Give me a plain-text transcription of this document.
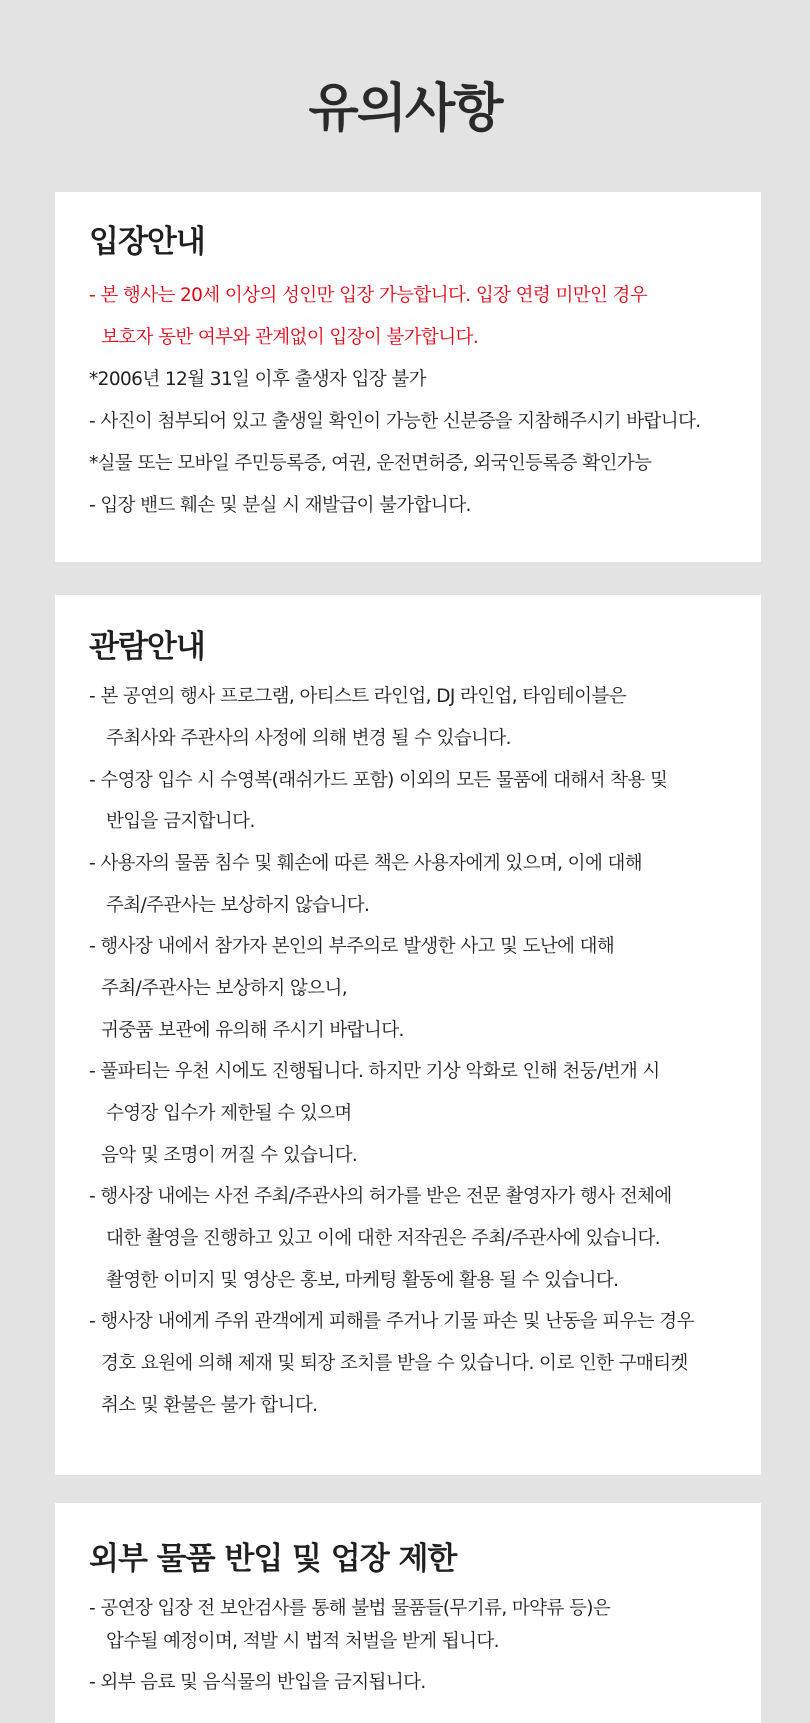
유의사항
입장안내

- 본 행사는 20세 이상의 성인만 입장 가능합니다. 입장 연령 미만인 경우

보호자 동반 여부와 관계없이 입장이 불가합니다.

*2006년 12월 31일 이후 출생자 입장 불가

- 사진이 첨부되어 있고 출생일 확인이 가능한 신분증을 지참해주시기 바랍니다.

*실물 또는 모바일 주민등록증, 여권, 운전면허증, 외국인등록증 확인가능

- 입장 밴드 훼손 및 분실 시 재발급이 불가합니다.

관람안내

- 본 공연의 행사 프로그램, 아티스트 라인업, DJ 라인업, 타임테이블은

주최사와 주관사의 사정에 의해 변경 될 수 있습니다.

- 수영장 입수 시 수영복(래쉬가드 포함) 이외의 모든 물품에 대해서 착용 및

반입을 금지합니다.

- 사용자의 물품 침수 및 훼손에 따른 책은 사용자에게 있으며, 이에 대해

주최/주관사는 보상하지 않습니다.

- 행사장 내에서 참가자 본인의 부주의로 발생한 사고 및 도난에 대해

주최/주관사는 보상하지 않으니,

귀중품 보관에 유의해 주시기 바랍니다.

- 풀파티는 우천 시에도 진행됩니다. 하지만 기상 악화로 인해 천둥/번개 시

수영장 입수가 제한될 수 있으며

음악 및 조명이 꺼질 수 있습니다.

- 행사장 내에는 사전 주최/주관사의 허가를 받은 전문 촬영자가 행사 전체에

대한 촬영을 진행하고 있고 이에 대한 저작권은 주최/주관사에 있습니다.

촬영한 이미지 및 영상은 홍보, 마케팅 활동에 활용 될 수 있습니다.

- 행사장 내에게 주위 관객에게 피해를 주거나 기물 파손 및 난동을 피우는 경우

경호 요원에 의해 제재 및 퇴장 조치를 받을 수 있습니다. 이로 인한 구매티켓

취소 및 환불은 불가 합니다.

외부 물품 반입 및 업장 제한

- 공연장 입장 전 보안검사를 통해 불법 물품들(무기류, 마약류 등)은

압수될 예정이며, 적발 시 법적 처벌을 받게 됩니다.

- 외부 음료 및 음식물의 반입을 금지됩니다.
